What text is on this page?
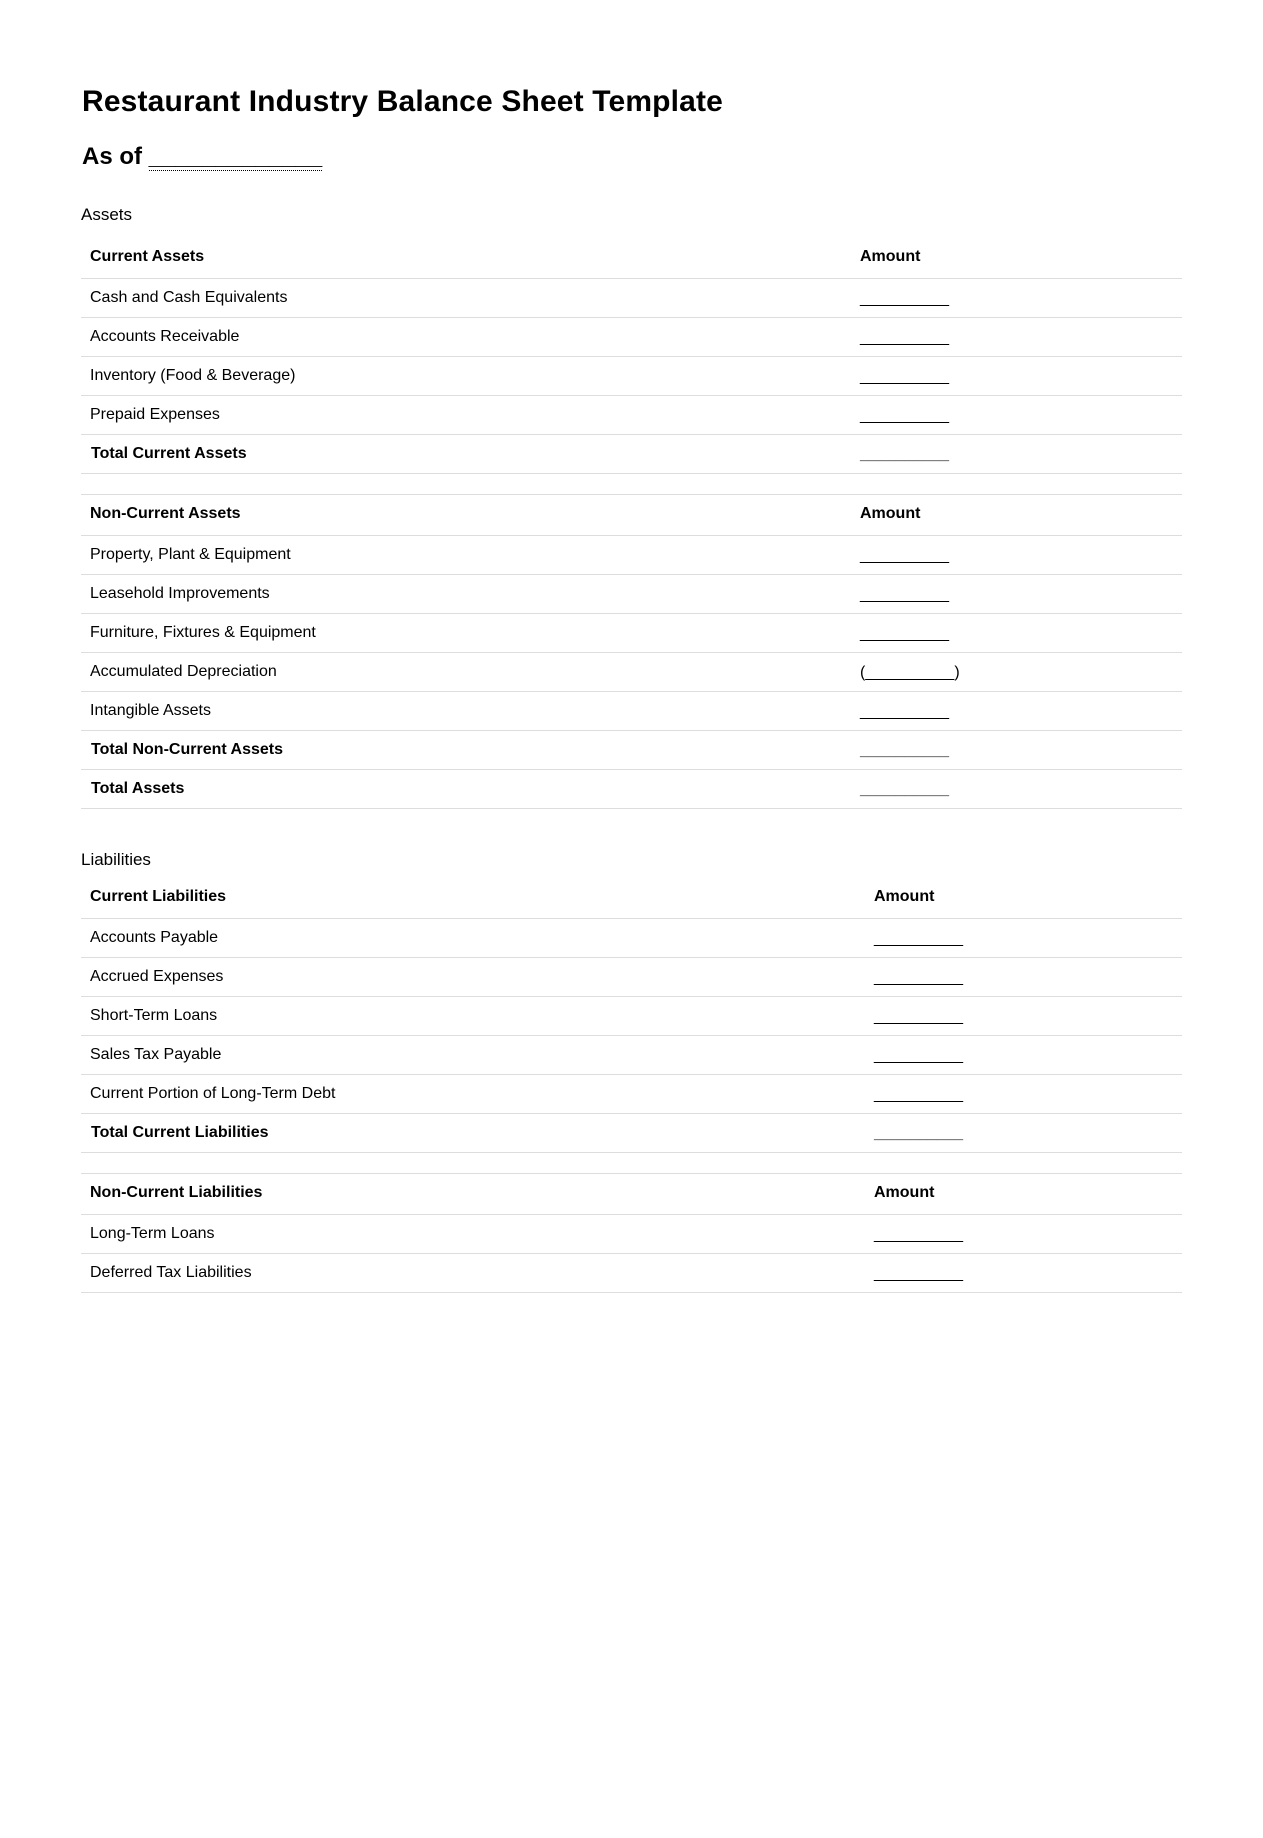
Restaurant Industry Balance Sheet Template
As of _____________
Assets
Current Assets	Amount
Cash and Cash Equivalents	__________
Accounts Receivable	__________
Inventory (Food & Beverage)	__________
Prepaid Expenses	__________
Total Current Assets	__________

Non-Current Assets	Amount
Property, Plant & Equipment	__________
Leasehold Improvements	__________
Furniture, Fixtures & Equipment	__________
Accumulated Depreciation	(__________)
Intangible Assets	__________
Total Non-Current Assets	__________
Total Assets	__________
Liabilities
Current Liabilities	Amount
Accounts Payable	__________
Accrued Expenses	__________
Short-Term Loans	__________
Sales Tax Payable	__________
Current Portion of Long-Term Debt	__________
Total Current Liabilities	__________

Non-Current Liabilities	Amount
Long-Term Loans	__________
Deferred Tax Liabilities	__________
